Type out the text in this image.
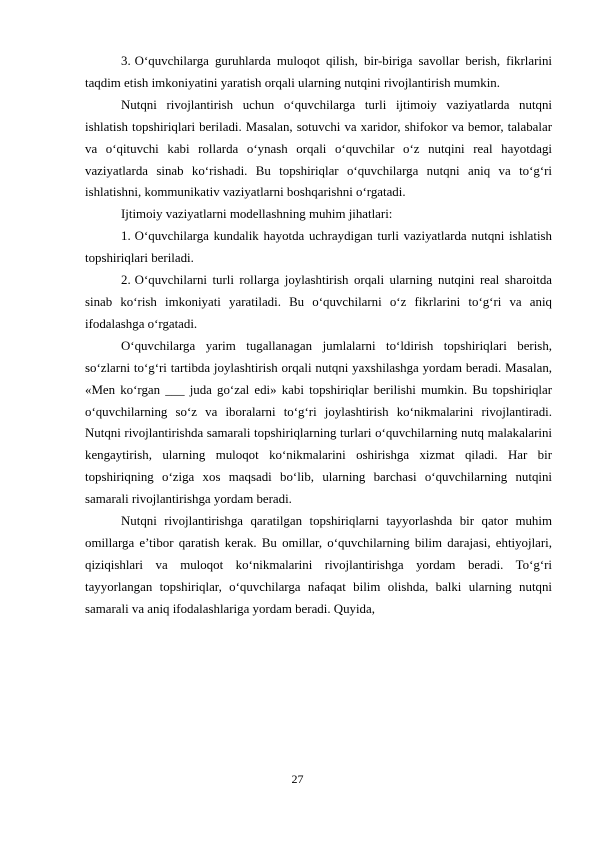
3. O‘quvchilarga guruhlarda muloqot qilish, bir-biriga savollar berish, fikrlarini taqdim etish imkoniyatini yaratish orqali ularning nutqini rivojlantirish mumkin.

Nutqni rivojlantirish uchun o‘quvchilarga turli ijtimoiy vaziyatlarda nutqni ishlatish topshiriqlari beriladi. Masalan, sotuvchi va xaridor, shifokor va bemor, talabalar va o‘qituvchi kabi rollarda o‘ynash orqali o‘quvchilar o‘z nutqini real hayotdagi vaziyatlarda sinab ko‘rishadi. Bu topshiriqlar o‘quvchilarga nutqni aniq va to‘g‘ri ishlatishni, kommunikativ vaziyatlarni boshqarishni o‘rgatadi.

Ijtimoiy vaziyatlarni modellashning muhim jihatlari:

1. O‘quvchilarga kundalik hayotda uchraydigan turli vaziyatlarda nutqni ishlatish topshiriqlari beriladi.

2. O‘quvchilarni turli rollarga joylashtirish orqali ularning nutqini real sharoitda sinab ko‘rish imkoniyati yaratiladi. Bu o‘quvchilarni o‘z fikrlarini to‘g‘ri va aniq ifodalashga o‘rgatadi.

O‘quvchilarga yarim tugallanagan jumlalarni to‘ldirish topshiriqlari berish, so‘zlarni to‘g‘ri tartibda joylashtirish orqali nutqni yaxshilashga yordam beradi. Masalan, «Men ko‘rgan ___ juda go‘zal edi» kabi topshiriqlar berilishi mumkin. Bu topshiriqlar o‘quvchilarning so‘z va iboralarni to‘g‘ri joylashtirish ko‘nikmalarini rivojlantiradi. Nutqni rivojlantirishda samarali topshiriqlarning turlari o‘quvchilarning nutq malakalarini kengaytirish, ularning muloqot ko‘nikmalarini oshirishga xizmat qiladi. Har bir topshiriqning o‘ziga xos maqsadi bo‘lib, ularning barchasi o‘quvchilarning nutqini samarali rivojlantirishga yordam beradi.

Nutqni rivojlantirishga qaratilgan topshiriqlarni tayyorlashda bir qator muhim omillarga e’tibor qaratish kerak. Bu omillar, o‘quvchilarning bilim darajasi, ehtiyojlari, qiziqishlari va muloqot ko‘nikmalarini rivojlantirishga yordam beradi. To‘g‘ri tayyorlangan topshiriqlar, o‘quvchilarga nafaqat bilim olishda, balki ularning nutqni samarali va aniq ifodalashlariga yordam beradi. Quyida,

27
